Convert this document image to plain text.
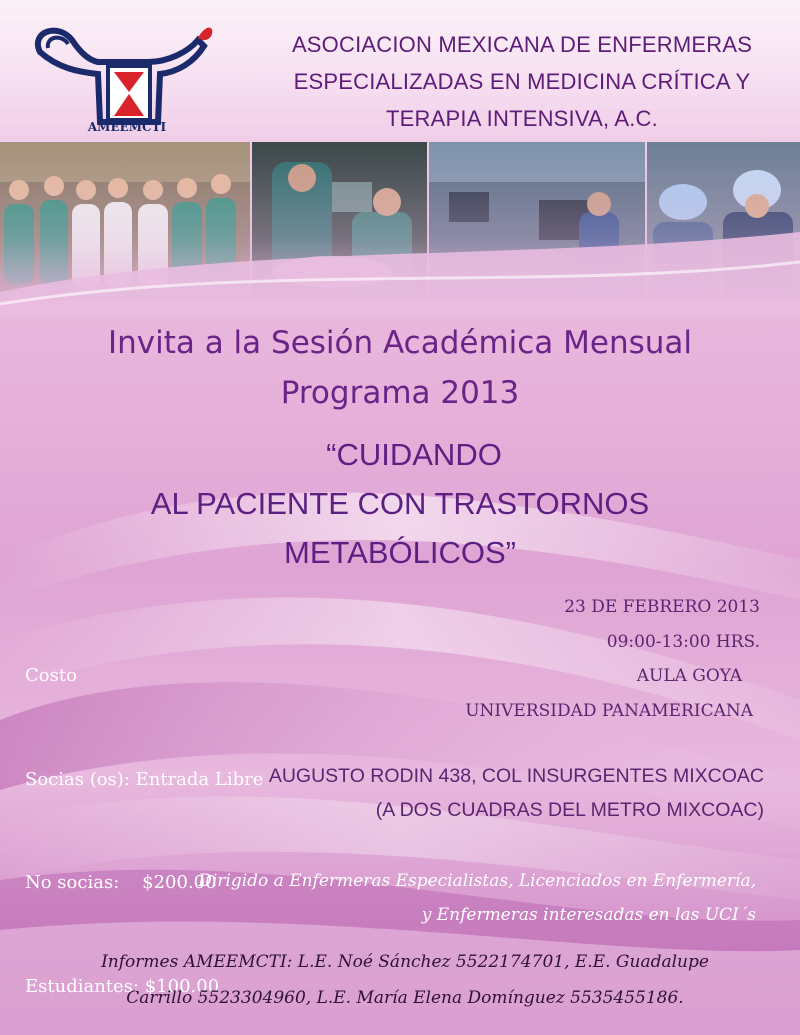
AMEEMCTI
ASOCIACION MEXICANA DE ENFERMERAS
ESPECIALIZADAS EN MEDICINA CRÍTICA Y
TERAPIA INTENSIVA, A.C.
Invita a la Sesión Académica Mensual
Programa 2013
“CUIDANDO
AL PACIENTE CON TRASTORNOS
METABÓLICOS”

Costo

Socias (os): Entrada Libre

No socias:    $200.00

Estudiantes: $100.00

23 DE FEBRERO 2013
09:00-13:00 HRS.
AULA GOYA
UNIVERSIDAD PANAMERICANA
AUGUSTO RODIN 438, COL INSURGENTES MIXCOAC
(A DOS CUADRAS DEL METRO MIXCOAC)
Dirigido a Enfermeras Especialistas, Licenciados en Enfermería,
y Enfermeras interesadas en las UCI´s
Informes AMEEMCTI: L.E. Noé Sánchez 5522174701, E.E. Guadalupe
Carrillo 5523304960, L.E. María Elena Domínguez 5535455186.
